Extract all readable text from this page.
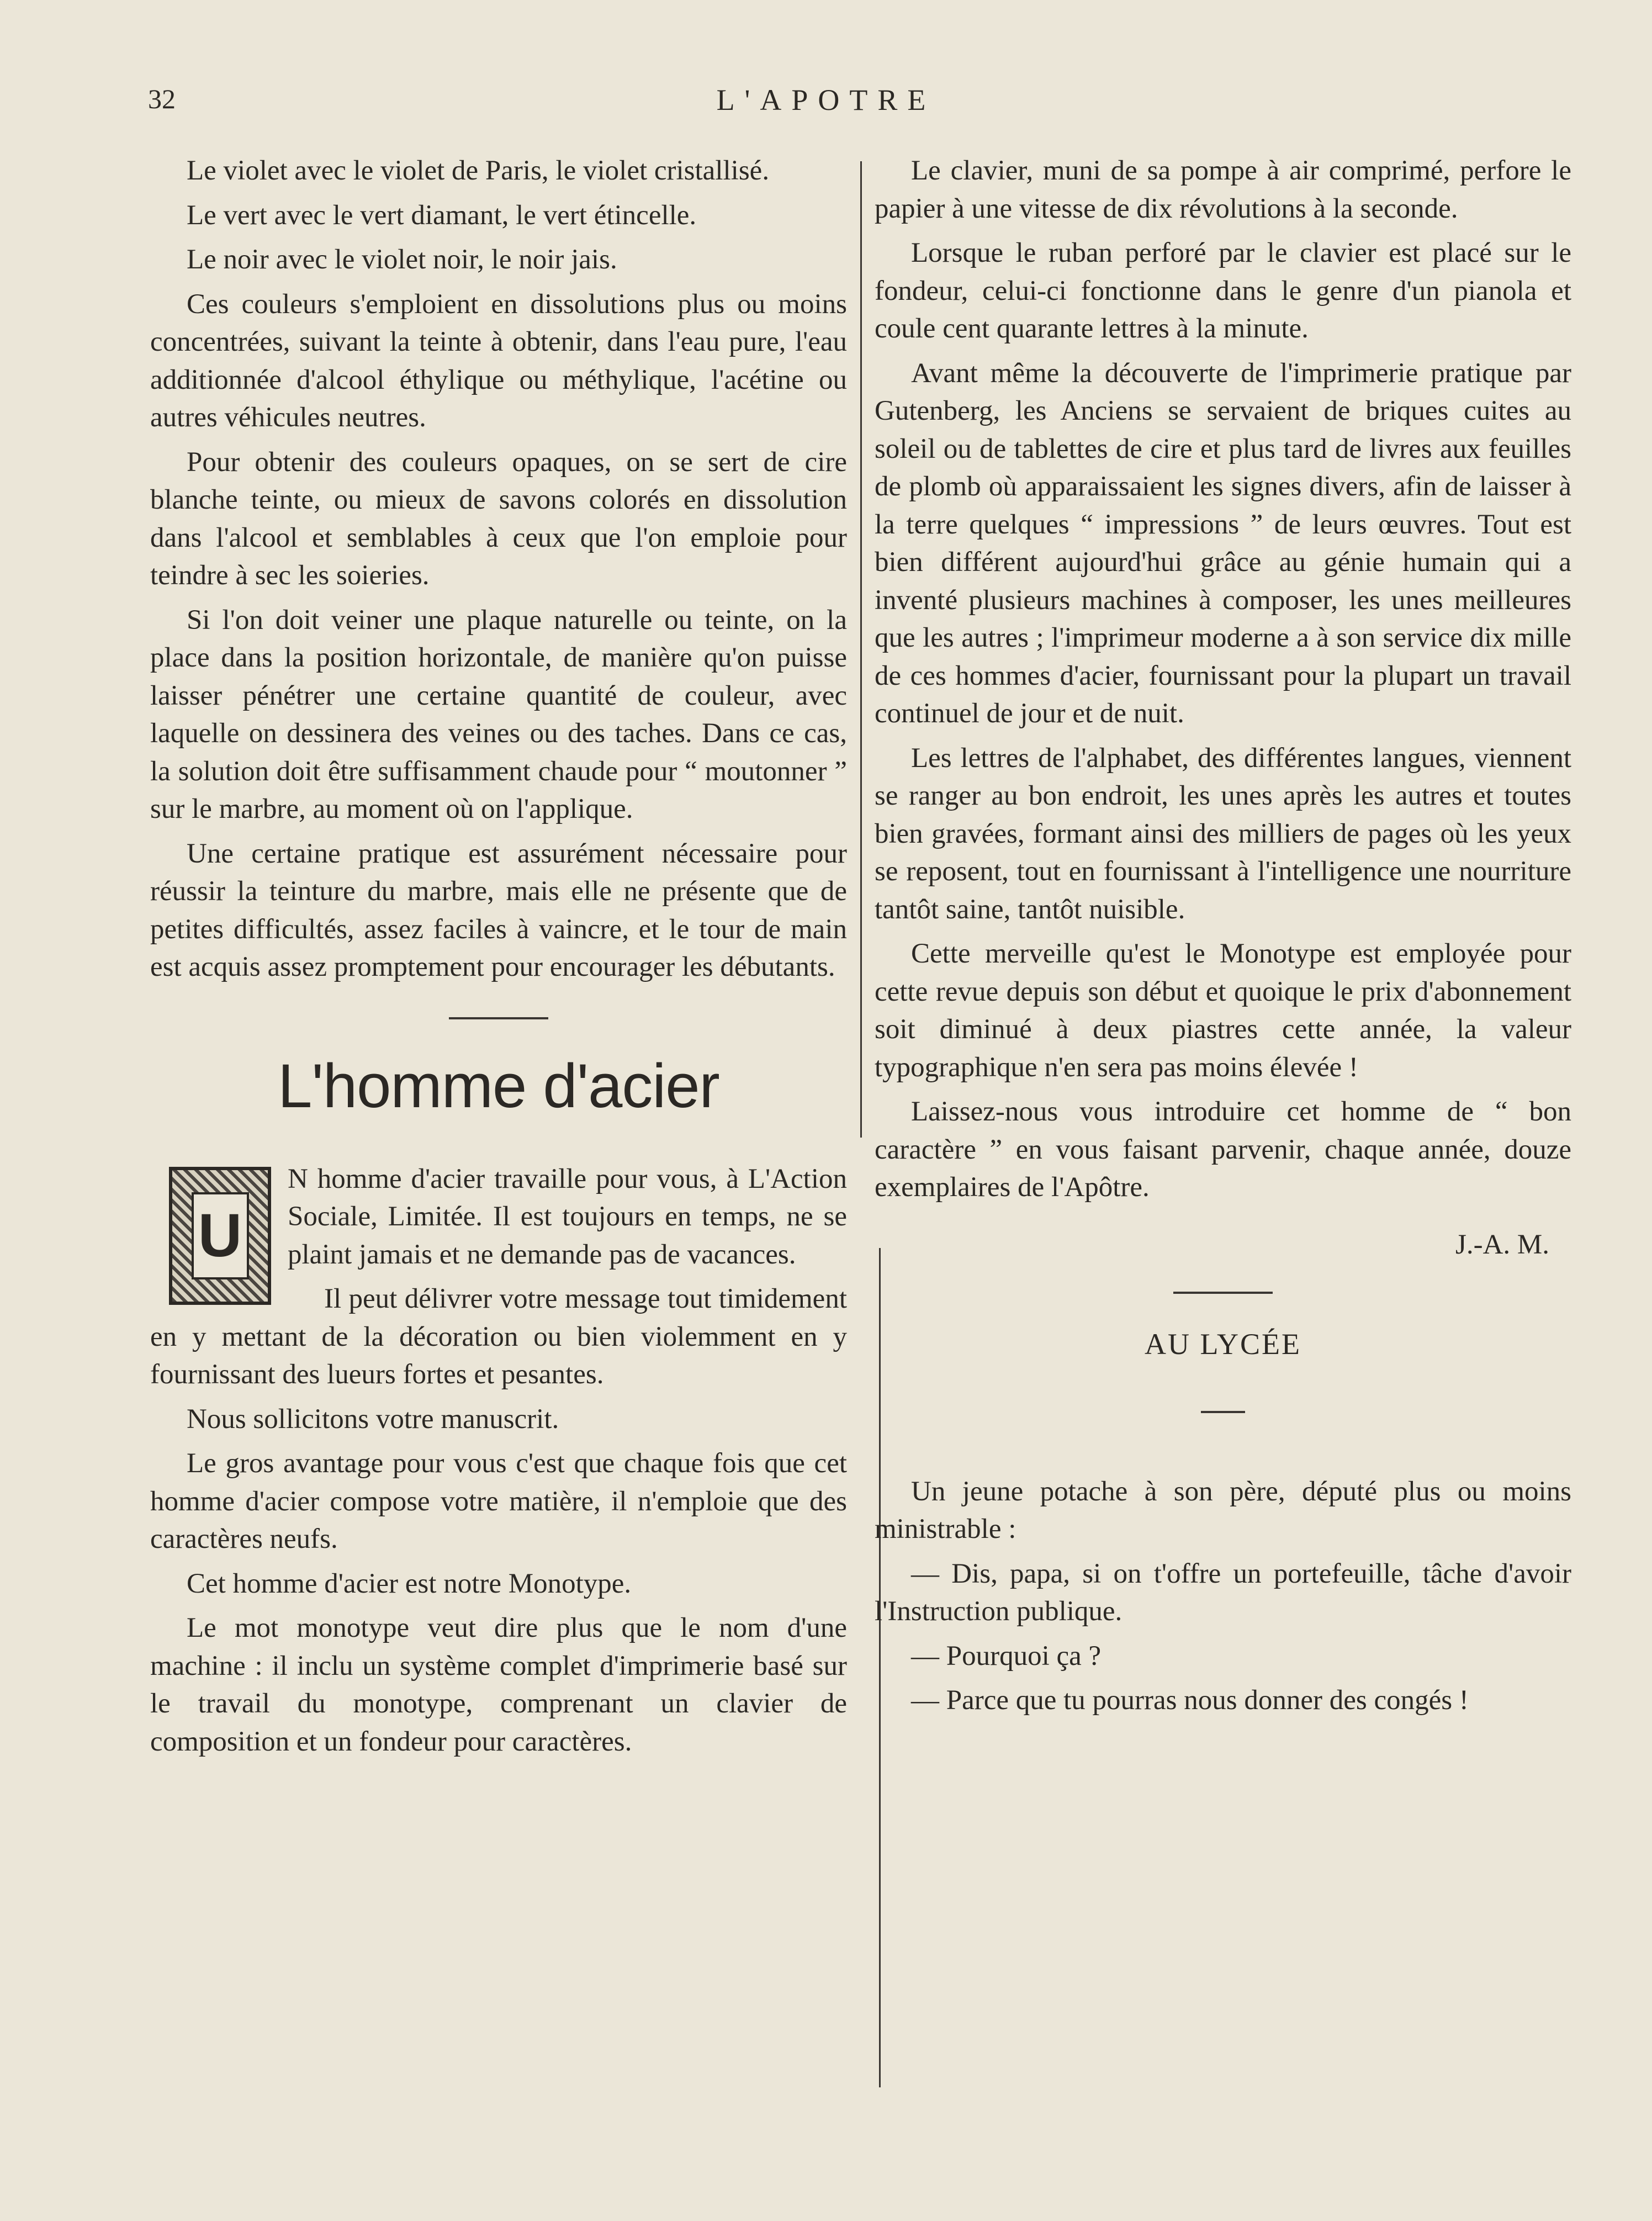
32	L'APOTRE

Le violet avec le violet de Paris, le violet cristallisé.

Le vert avec le vert diamant, le vert étincelle.

Le noir avec le violet noir, le noir jais.

Ces couleurs s'emploient en dissolutions plus ou moins concentrées, suivant la teinte à obtenir, dans l'eau pure, l'eau additionnée d'alcool éthylique ou méthylique, l'acétine ou autres véhicules neutres.

Pour obtenir des couleurs opaques, on se sert de cire blanche teinte, ou mieux de savons colorés en dissolution dans l'alcool et semblables à ceux que l'on emploie pour teindre à sec les soieries.

Si l'on doit veiner une plaque naturelle ou teinte, on la place dans la position horizontale, de manière qu'on puisse laisser pénétrer une certaine quantité de couleur, avec laquelle on dessinera des veines ou des taches. Dans ce cas, la solution doit être suffisamment chaude pour “ moutonner ” sur le marbre, au moment où on l'applique.

Une certaine pratique est assurément nécessaire pour réussir la teinture du marbre, mais elle ne présente que de petites difficultés, assez faciles à vaincre, et le tour de main est acquis assez promptement pour encourager les débutants.

L'homme d'acier
U

N homme d'acier travaille pour vous, à L'Action Sociale, Limitée. Il est toujours en temps, ne se plaint jamais et ne demande pas de vacances.

Il peut délivrer votre message tout timidement en y mettant de la décoration ou bien violemment en y fournissant des lueurs fortes et pesantes.

Nous sollicitons votre manuscrit.

Le gros avantage pour vous c'est que chaque fois que cet homme d'acier compose votre matière, il n'emploie que des caractères neufs.

Cet homme d'acier est notre Monotype.

Le mot monotype veut dire plus que le nom d'une machine : il inclu un système complet d'imprimerie basé sur le travail du monotype, comprenant un clavier de composition et un fondeur pour caractères.

Le clavier, muni de sa pompe à air comprimé, perfore le papier à une vitesse de dix révolutions à la seconde.

Lorsque le ruban perforé par le clavier est placé sur le fondeur, celui-ci fonctionne dans le genre d'un pianola et coule cent quarante lettres à la minute.

Avant même la découverte de l'imprimerie pratique par Gutenberg, les Anciens se servaient de briques cuites au soleil ou de tablettes de cire et plus tard de livres aux feuilles de plomb où apparaissaient les signes divers, afin de laisser à la terre quelques “ impressions ” de leurs œuvres. Tout est bien différent aujourd'hui grâce au génie humain qui a inventé plusieurs machines à composer, les unes meilleures que les autres ; l'imprimeur moderne a à son service dix mille de ces hommes d'acier, fournissant pour la plupart un travail continuel de jour et de nuit.

Les lettres de l'alphabet, des différentes langues, viennent se ranger au bon endroit, les unes après les autres et toutes bien gravées, formant ainsi des milliers de pages où les yeux se reposent, tout en fournissant à l'intelligence une nourriture tantôt saine, tantôt nuisible.

Cette merveille qu'est le Monotype est employée pour cette revue depuis son début et quoique le prix d'abonnement soit diminué à deux piastres cette année, la valeur typographique n'en sera pas moins élevée !

Laissez-nous vous introduire cet homme de “ bon caractère ” en vous faisant parvenir, chaque année, douze exemplaires de l'Apôtre.

J.-A. M.
AU LYCÉE

Un jeune potache à son père, député plus ou moins ministrable :

— Dis, papa, si on t'offre un portefeuille, tâche d'avoir l'Instruction publique.

— Pourquoi ça ?

— Parce que tu pourras nous donner des congés !
